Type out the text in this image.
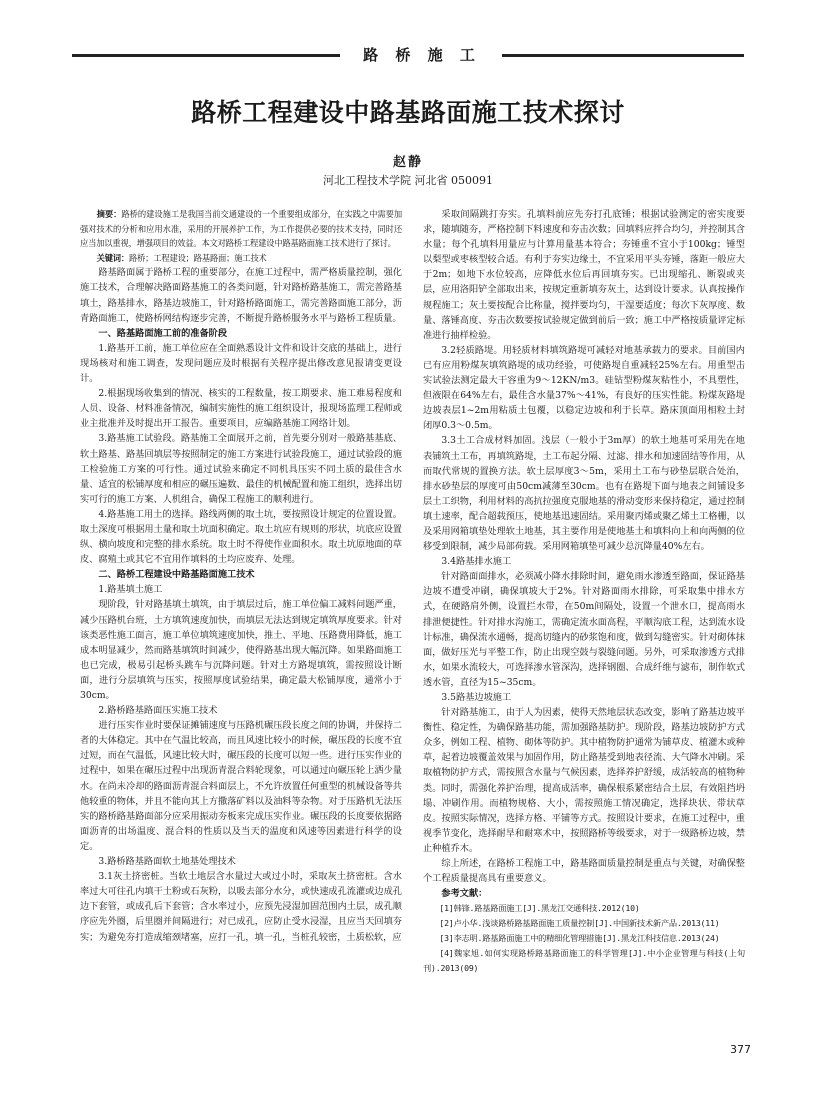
路 桥 施 工
路桥工程建设中路基路面施工技术探讨
赵静
河北工程技术学院 河北省 050091

摘要：路桥的建设施工是我国当前交通建设的一个重要组成部分，在实践之中需要加强对技术的分析和应用水准，采用的开展养护工作，为工作提供必要的技术支持，同时还应当加以重视，增强项目的效益。本文对路桥工程建设中路基路面施工技术进行了探讨。

关键词：路桥；工程建设；路基路面；施工技术

路基路面属于路桥工程的重要部分，在施工过程中，需严格质量控制，强化施工技术，合理解决路面路基施工的各类问题，针对路桥路基施工，需完善路基填土，路基排水，路基边坡施工，针对路桥路面施工，需完善路面施工部分，沥青路面施工，使路桥网结构逐步完善，不断提升路桥服务水平与路桥工程质量。

一、路基路面施工前的准备阶段

1.路基开工前，施工单位应在全面熟悉设计文件和设计交底的基础上，进行现场核对和施工调查，发现问题应及时根据有关程序提出修改意见报请变更设计。

2.根据现场收集到的情况、核实的工程数量，按工期要求、施工难易程度和人员、设备、材料准备情况，编制实施性的施工组织设计，报现场监理工程师或业主批准并及时提出开工报告。重要项目，应编路基施工网络计划。

3.路基施工试验段。路基施工全面展开之前，首先要分别对一般路基基底、软土路基、路基回填层等按照制定的施工方案进行试验段施工，通过试验段的施工检验施工方案的可行性。通过试验来确定不同机具压实不同土质的最佳含水量、适宜的松铺厚度和相应的碾压遍数、最佳的机械配置和施工组织，选择出切实可行的施工方案、人机组合，确保工程施工的顺利进行。

4.路基施工用土的选择。路线两侧的取土坑，要按照设计规定的位置设置。取土深度可根据用土量和取土坑面积确定。取土坑应有规则的形状，坑底应设置纵、横向坡度和完整的排水系统。取土时不得使作业面积水。取土坑原地面的草皮、腐殖土或其它不宜用作填料的土均应废弃、处理。

二、路桥工程建设中路基路面施工技术
1.路基填土施工

现阶段，针对路基填土填筑，由于填层过后，施工单位偏工减料问题严重，减少压路机台班，土方填筑速度加快，而填层无法达到规定填筑厚度要求。针对该类恶性施工面言，施工单位填筑速度加快，推土、平地、压路费用降低，施工成本明显减少，然而路基填筑时间减少，使得路基出现大幅沉降。如果路面施工也已完成，极易引起桥头跳车与沉降问题。针对土方路堤填筑，需按照设计断面，进行分层填筑与压实，按照厚度试验结果，确定最大松铺厚度，通常小于30cm。

2.路桥路基路面压实施工技术

进行压实作业时要保证摊铺速度与压路机碾压段长度之间的协调，并保持二者的大体稳定。其中在气温比较高，而且风速比较小的时候，碾压段的长度不宜过短，而在气温低，风速比较大时，碾压段的长度可以短一些。进行压实作业的过程中，如果在碾压过程中出现沥青混合料轮现象，可以通过向碾压轮上洒少量水。在尚未冷却的路面沥青混合料面层上，不允许放置任何重型的机械设备等共他较重的物体，并且不能向其上方撒落矿料以及油料等杂物。对于压路机无法压实的路桥路基路面部分应采用振动夯板来完成压实作业。碾压段的长度要依据路面沥青的出场温度、混合料的性质以及当天的温度和风速等因素进行科学的设定。

3.路桥路基路面软土地基处理技术

3.1灰土挤密桩。当软土地层含水量过大或过小时，采取灰土挤密桩。含水率过大可往孔内填干土粉或石灰粉，以吸去部分水分，或快速成孔流灌或边成孔边下套管，或成孔后下套管；含水率过小，应预先浸湿加固范围内土层，成孔顺序应先外圈，后里圈并间隔进行；对已成孔，应防止受水浸湿，且应当天回填夯实；为避免夯打造成缩颈堵塞，应打一孔，填一孔，当桩孔较密，土质松软，应

采取间隔跳打夯实。孔填料前应先夯打孔底锤；根据试验测定的密实度要求，随填随夯，严格控制下料速度和夯击次数；回填料应拌合均匀，并控制其含水量；每个孔填料用量应与计算用量基本符合；夯锤重不宜小于100kg；锤型以梨型或枣核型较合适。有利于夯实边缘土，不宜采用平头夯锤，落距一般应大于2m；如地下水位较高，应降低水位后再回填夯实。已出现缩孔、断裂或夹层，应用洛阳铲全部取出来，按规定重新填夯灰土，达到设计要求。认真按操作规程施工；灰土要按配合比称量，搅拌要均匀，干湿要适度；每次下灰厚度、数量、落锤高度、夯击次数要按试验规定做到前后一致；施工中严格按质量评定标准进行抽样检验。

3.2轻质路堤。用轻质材料填筑路堤可减轻对地基承载力的要求。目前国内已有应用粉煤灰填筑路堤的成功经验，可使路堤自重减轻25%左右。用重型击实试验法测定最大干容重为9～12KN/m3。硅钻型粉煤灰粘性小，不具塑性，但液限在64%左右，最佳含水量37%～41%，有良好的压实性能。粉煤灰路堤边坡表层1~2m用粘质土包覆，以稳定边坡和利于长草。路床顶面用相粒土封闭厚0.3～0.5m。

3.3土工合成材料加固。浅层（一般小于3m厚）的软土地基可采用先在地表铺筑土工布，再填筑路堤，土工布起分隔、过滤、排水和加速固结等作用，从而取代常规的置换方法。软土层厚度3～5m，采用土工布与砂垫层联合处治，排水砂垫层的厚度可由50cm减薄至30cm。也有在路堤下面与地表之间铺设多层土工织物，利用材料的高抗拉强度克服地基的滑动变形来保持稳定，通过控制填土速率，配合超载预压，使地基迅速固结。采用聚丙烯或聚乙烯土工格栅，以及采用网箱填垫处理软土地基，其主要作用是使地基土和填料向上和向两侧的位移受到限制，减少局部荷载。采用网箱填垫可减少总沉降量40%左右。

3.4路基排水施工

针对路面面排水，必须减小降水排除时间，避免雨水渗透至路面，保证路基边坡不遭受冲刷，确保填坡大于2%。针对路面雨水排除，可采取集中排水方式，在硬路肩外侧，设置拦水带，在50m间隔处，设置一个泄水口，提高雨水排泄便捷性。针对排水沟施工，需确定流水面高程，平顺沟底工程，达到流水设计标准，确保流水通畅，提高切缝内的砂浆饱和度，做到勾缝密实。针对砌体抹面，做好压光与平整工作，防止出现空鼓与裂缝问题。另外，可采取渗透方式排水，如果水流较大，可选择渗水管深沟，选择钢圈、合成纤维与滤布，制作软式透水管，直径为15~35cm。

3.5路基边坡施工

针对路基施工，由于人为因素，使得天然地层状态改变，影响了路基边坡平衡性、稳定性，为确保路基功能，需加强路基防护。现阶段，路基边坡防护方式众多，例如工程、植物、砌体等防护。其中植物防护通常为铺草皮、植灌木或种草，起着边坡覆盖效果与加固作用，防止路基受到地表径流、大气降水冲刷。采取植物防护方式，需按照含水量与气候因素，选择养护舒缓，成活较高的植物种类。同时，需强化养护治理，提高成活率，确保根系紧密结合土层，有效阻挡坍塌、冲刷作用。而植物规格、大小，需按照施工情况确定，选择块状、带状草皮。按照实际情况，选择方格、平铺等方式。按照设计要求，在施工过程中，重视季节变化，选择耐旱和耐寒术中，按照路桥等级要求，对于一级路桥边坡，禁止种植乔木。

综上所述，在路桥工程施工中，路基路面质量控制是重点与关键，对确保整个工程质量提高具有重要意义。

参考文献：

[1]韩锋.路基路面施工[J].黑龙江交通科技.2012(10)

[2]卢小华.浅谈路桥路基路面施工质量控制[J].中国新技术新产品.2013(11)

[3]李志明.路基路面施工中的精细化管理措施[J].黑龙江科技信息.2013(24)

[4]魏家旭.如何实现路桥路基路面施工的科学管理[J].中小企业管理与科技(上旬刊).2013(09)

377
